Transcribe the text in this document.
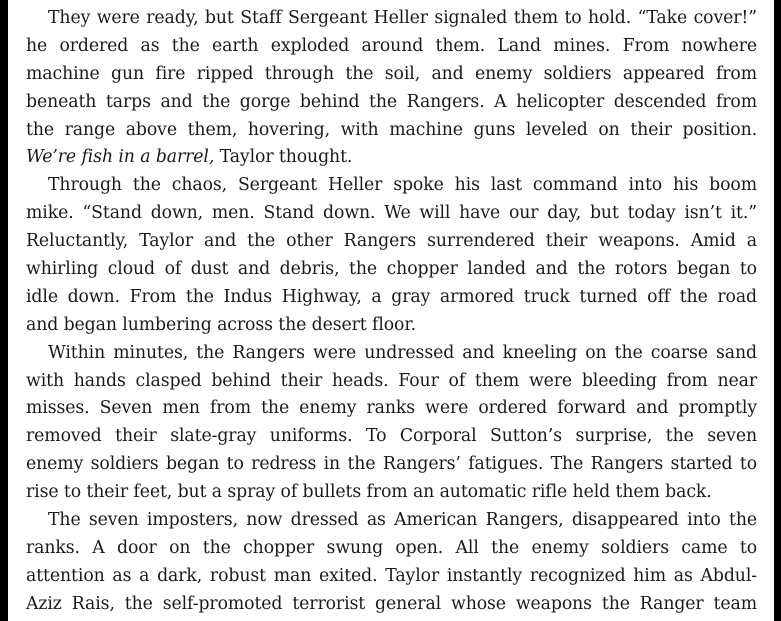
They were ready, but Staff Sergeant Heller signaled them to hold. “Take cover!”
he ordered as the earth exploded around them. Land mines. From nowhere
machine gun fire ripped through the soil, and enemy soldiers appeared from
beneath tarps and the gorge behind the Rangers. A helicopter descended from
the range above them, hovering, with machine guns leveled on their position.
We’re fish in a barrel, Taylor thought.
Through the chaos, Sergeant Heller spoke his last command into his boom
mike. “Stand down, men. Stand down. We will have our day, but today isn’t it.”
Reluctantly, Taylor and the other Rangers surrendered their weapons. Amid a
whirling cloud of dust and debris, the chopper landed and the rotors began to
idle down. From the Indus Highway, a gray armored truck turned off the road
and began lumbering across the desert floor.
Within minutes, the Rangers were undressed and kneeling on the coarse sand
with hands clasped behind their heads. Four of them were bleeding from near
misses. Seven men from the enemy ranks were ordered forward and promptly
removed their slate-gray uniforms. To Corporal Sutton’s surprise, the seven
enemy soldiers began to redress in the Rangers’ fatigues. The Rangers started to
rise to their feet, but a spray of bullets from an automatic rifle held them back.
The seven imposters, now dressed as American Rangers, disappeared into the
ranks. A door on the chopper swung open. All the enemy soldiers came to
attention as a dark, robust man exited. Taylor instantly recognized him as Abdul-
Aziz Rais, the self-promoted terrorist general whose weapons the Ranger team
